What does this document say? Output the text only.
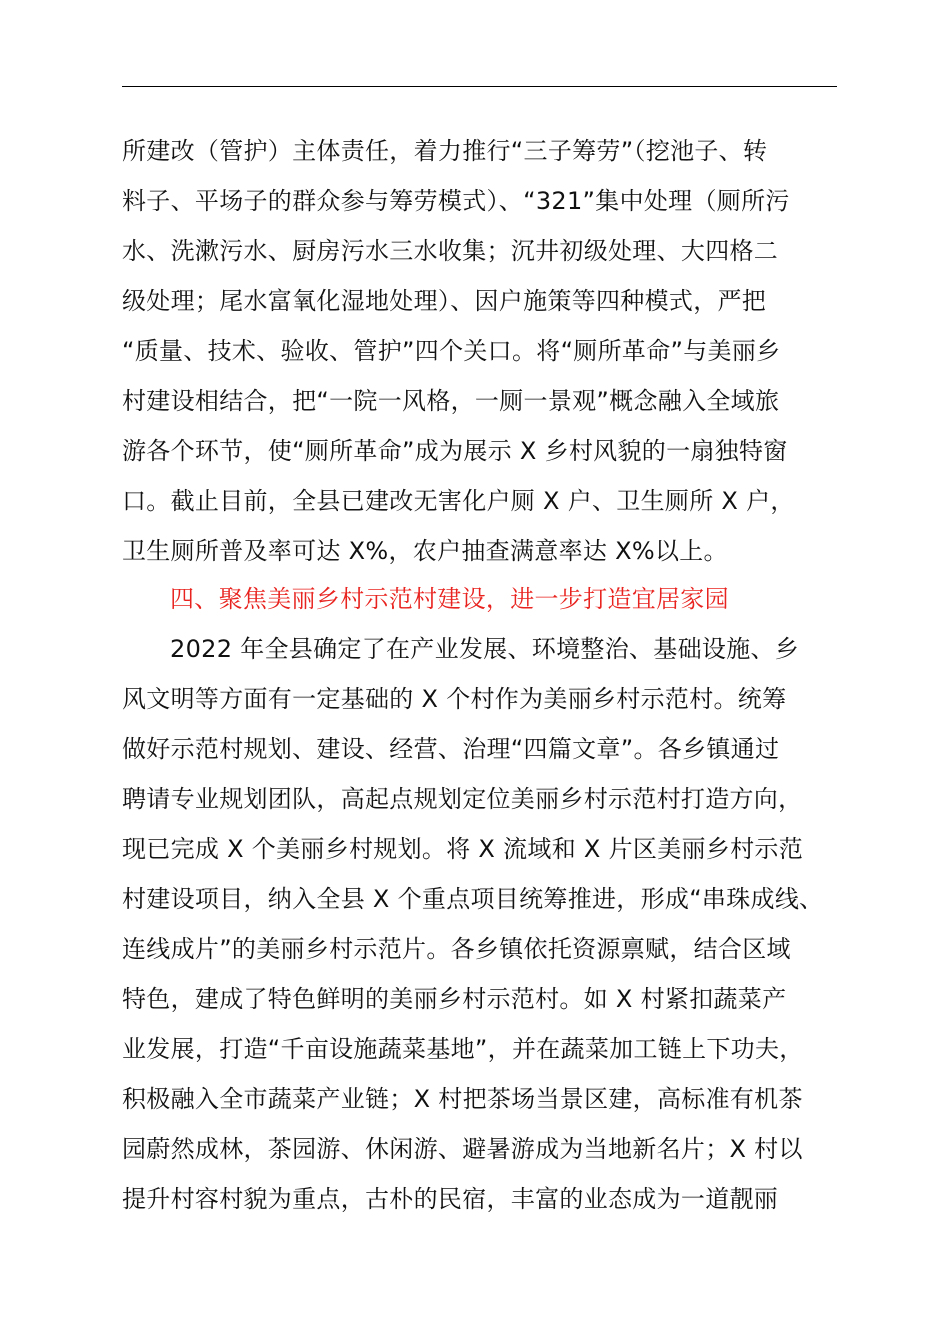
所建改（管护）主体责任，着力推行“三子筹劳”（挖池子、转
料子、平场子的群众参与筹劳模式）、“321”集中处理（厕所污
水、洗漱污水、厨房污水三水收集；沉井初级处理、大四格二
级处理；尾水富氧化湿地处理）、因户施策等四种模式，严把
“质量、技术、验收、管护”四个关口。将“厕所革命”与美丽乡
村建设相结合，把“一院一风格，一厕一景观”概念融入全域旅
游各个环节，使“厕所革命”成为展示 X 乡村风貌的一扇独特窗
口。截止目前，全县已建改无害化户厕 X 户、卫生厕所 X 户，
卫生厕所普及率可达 X%，农户抽查满意率达 X%以上。
四、聚焦美丽乡村示范村建设，进一步打造宜居家园
2022 年全县确定了在产业发展、环境整治、基础设施、乡
风文明等方面有一定基础的 X 个村作为美丽乡村示范村。统筹
做好示范村规划、建设、经营、治理“四篇文章”。各乡镇通过
聘请专业规划团队，高起点规划定位美丽乡村示范村打造方向，
现已完成 X 个美丽乡村规划。将 X 流域和 X 片区美丽乡村示范
村建设项目，纳入全县 X 个重点项目统筹推进，形成“串珠成线、
连线成片”的美丽乡村示范片。各乡镇依托资源禀赋，结合区域
特色，建成了特色鲜明的美丽乡村示范村。如 X 村紧扣蔬菜产
业发展，打造“千亩设施蔬菜基地”，并在蔬菜加工链上下功夫，
积极融入全市蔬菜产业链；X 村把茶场当景区建，高标准有机茶
园蔚然成林，茶园游、休闲游、避暑游成为当地新名片；X 村以
提升村容村貌为重点，古朴的民宿，丰富的业态成为一道靓丽
